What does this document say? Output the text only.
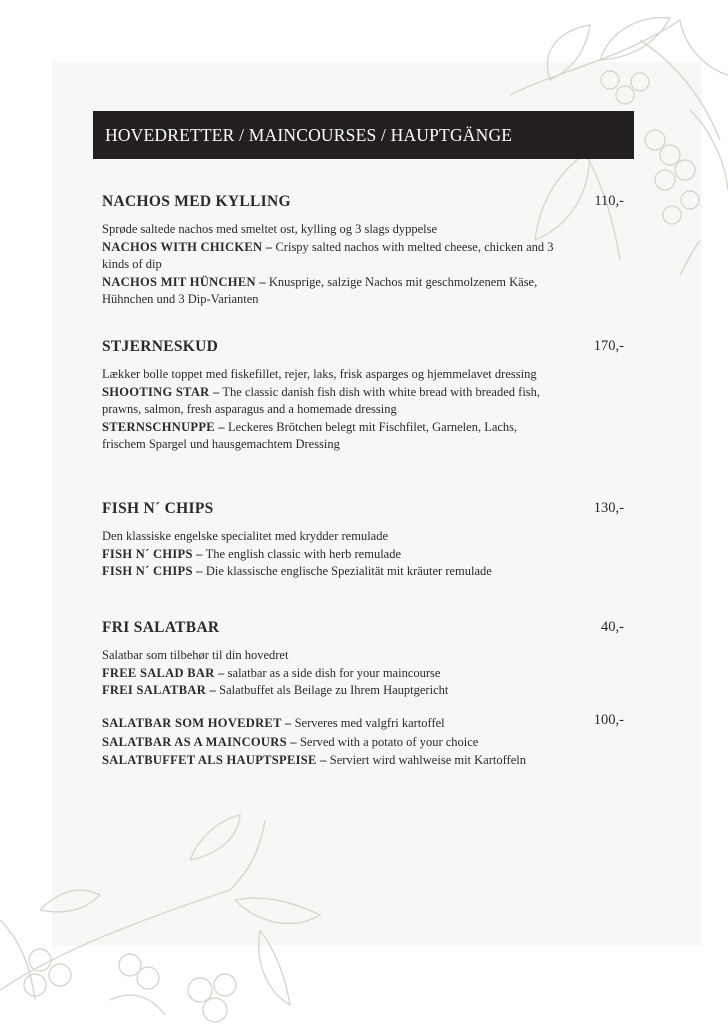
HOVEDRETTER / MAINCOURSES / HAUPTGÄNGE
NACHOS MED KYLLING	110,-

Sprøde saltede nachos med smeltet ost, kylling og 3 slags dyppelse

NACHOS WITH CHICKEN – Crispy salted nachos with melted cheese, chicken and 3 kinds of dip

NACHOS MIT HÜNCHEN – Knusprige, salzige Nachos mit geschmolzenem Käse, Hühnchen und 3 Dip-Varianten

STJERNESKUD	170,-

Lækker bolle toppet med fiskefillet, rejer, laks, frisk asparges og hjemmelavet dressing

SHOOTING STAR – The classic danish fish dish with white bread with breaded fish, prawns, salmon, fresh asparagus and a homemade dressing

STERNSCHNUPPE – Leckeres Brötchen belegt mit Fischfilet, Garnelen, Lachs, frischem Spargel und hausgemachtem Dressing

FISH N´ CHIPS	130,-

Den klassiske engelske specialitet med krydder remulade

FISH N´ CHIPS – The english classic with herb remulade

FISH N´ CHIPS – Die klassische englische Spezialität mit kräuter remulade

FRI SALATBAR	40,-

Salatbar som tilbehør til din hovedret

FREE SALAD BAR – salatbar as a side dish for your maincourse

FREI SALATBAR – Salatbuffet als Beilage zu Ihrem Hauptgericht

100,-

SALATBAR SOM HOVEDRET – Serveres med valgfri kartoffel

SALATBAR AS A MAINCOURS – Served with a potato of your choice

SALATBUFFET ALS HAUPTSPEISE – Serviert wird wahlweise mit Kartoffeln
